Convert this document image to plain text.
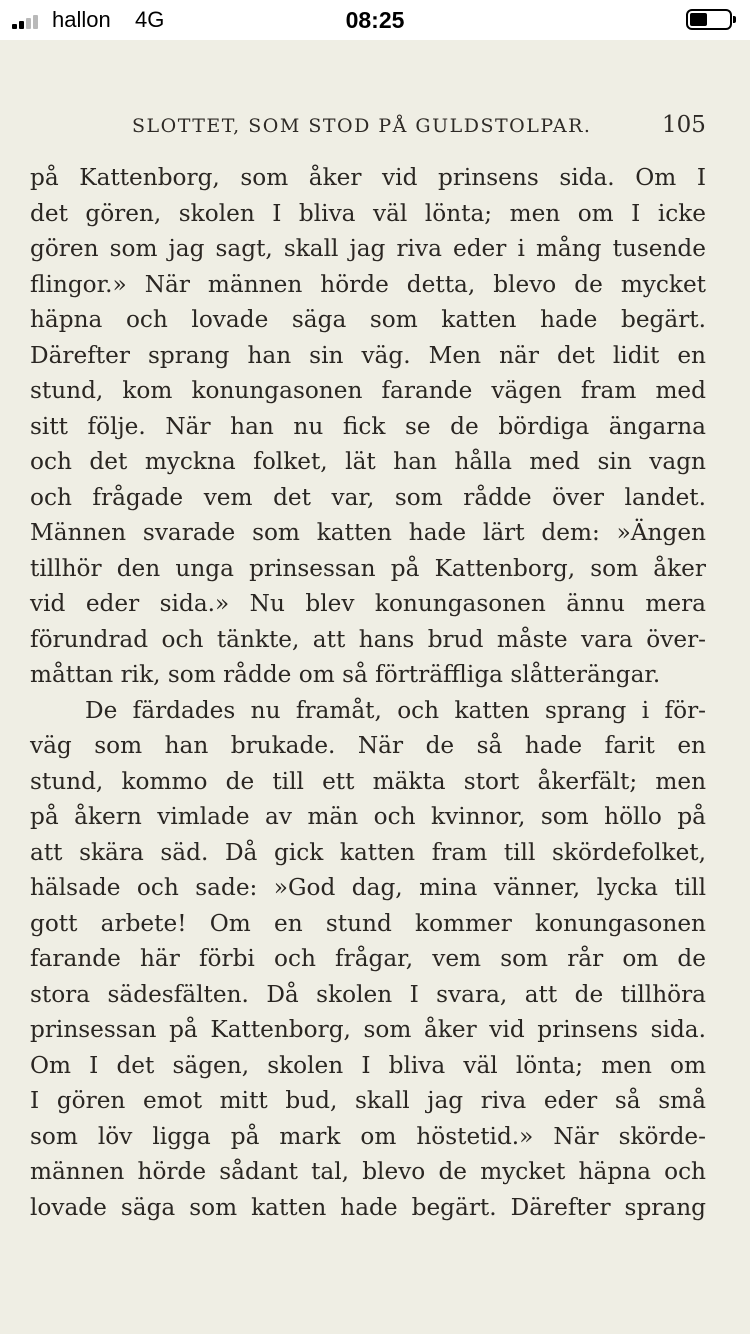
hallon 4G	08:25
SLOTTET, SOM STOD PÅ GULDSTOLPAR.	105
på Kattenborg, som åker vid prinsens sida. Om I
det gören, skolen I bliva väl lönta; men om I icke
gören som jag sagt, skall jag riva eder i mång tusende
flingor.» När männen hörde detta, blevo de mycket
häpna och lovade säga som katten hade begärt.
Därefter sprang han sin väg. Men när det lidit en
stund, kom konungasonen farande vägen fram med
sitt följe. När han nu fick se de bördiga ängarna
och det myckna folket, lät han hålla med sin vagn
och frågade vem det var, som rådde över landet.
Männen svarade som katten hade lärt dem: »Ängen
tillhör den unga prinsessan på Kattenborg, som åker
vid eder sida.» Nu blev konungasonen ännu mera
förundrad och tänkte, att hans brud måste vara över-
måttan rik, som rådde om så förträffliga slåtterängar.
De färdades nu framåt, och katten sprang i för-
väg som han brukade. När de så hade farit en
stund, kommo de till ett mäkta stort åkerfält; men
på åkern vimlade av män och kvinnor, som höllo på
att skära säd. Då gick katten fram till skördefolket,
hälsade och sade: »God dag, mina vänner, lycka till
gott arbete! Om en stund kommer konungasonen
farande här förbi och frågar, vem som rår om de
stora sädesfälten. Då skolen I svara, att de tillhöra
prinsessan på Kattenborg, som åker vid prinsens sida.
Om I det sägen, skolen I bliva väl lönta; men om
I gören emot mitt bud, skall jag riva eder så små
som löv ligga på mark om höstetid.» När skörde-
männen hörde sådant tal, blevo de mycket häpna och
lovade säga som katten hade begärt. Därefter sprang
